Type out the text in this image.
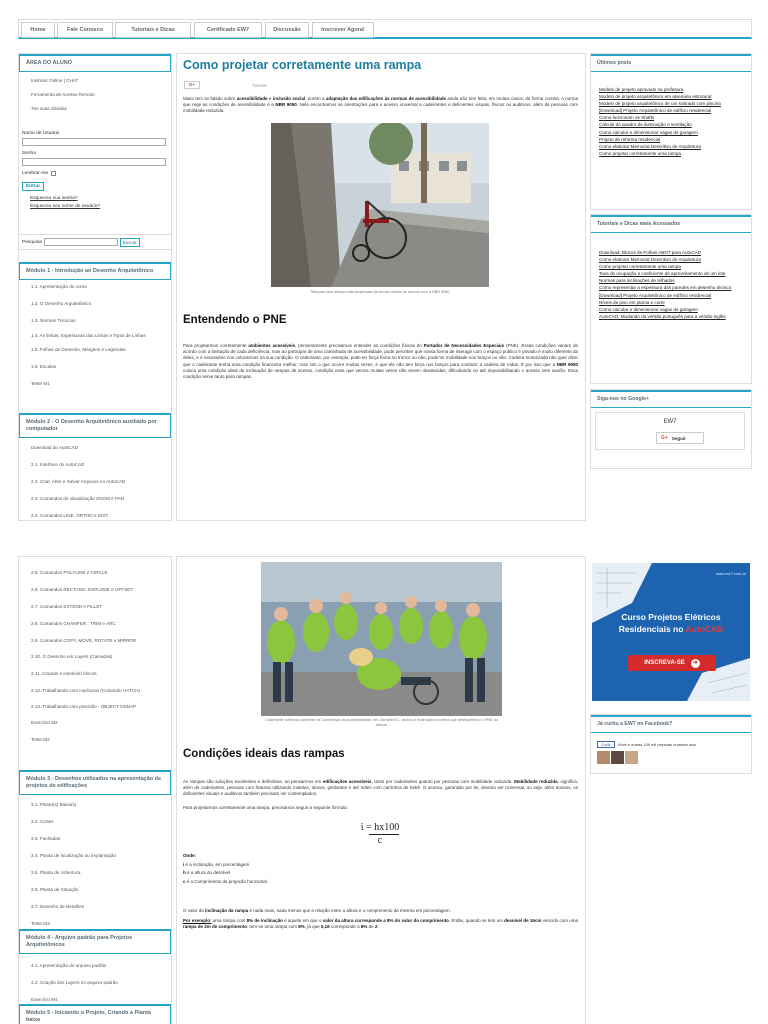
Home	Fale Conosco	Tutoriais e Dicas	Certificado EW7	Discussão	Inscrever Agora!
ÁREA DO ALUNO
Instrutor Online | CHAT
Ferramenta de Acesso Remoto
Tire suas dúvidas
Nome de Usuário
Senha
Lembrar-me
Entrar
Esqueceu sua senha?
Esqueceu seu nome de usuário?
Pesquisa	Buscar
Módulo 1 - Introdução ao Desenho Arquitetônico
1.1. Apresentação do curso
1.2. O Desenho Arquitetônico
1.3. Normas Técnicas
1.4. As linhas, Espessuras das Linhas e Tipos de Linhas
1.5. Folhas de Desenho, Margens e Legendas
1.6. Escalas
Teste M1
Módulo 2 - O Desenho Arquitetônico auxiliado por computador
Download do AutoCAD
2.1. Interface do AutoCAD
2.2. Criar, Abrir e Salvar Arquivos no AutoCAD
2.3. Comandos de visualização ZOOM e PAN
2.4. Comandos LINE, ORTHO e DIST
Como projetar corretamente uma rampa
G+	Tweetar
Muito tem se falado sobre acessibilidade e inclusão social, porém a adaptação das edificações às normas de acessibilidade ainda não tem feita, em muitos casos, de forma correta. A norma que rege as condições de acessibilidade é a NBR 9050. Nela encontramos as orientações para o acesso universal a cadeirantes e deficientes visuais, físicos ou auditivos, além de pessoas com mobilidade reduzida.
Rampas nem sempre são projetadas de forma correta de acordo com a NBR 9050
Entendendo o PNE
Para projetarmos corretamente ambientes acessíveis, primeiramente precisamos entender as condições físicas do Portador de Necessidades Especiais (PNE). Essas condições variam de acordo com a limitação de cada deficiência, mas ao participar de uma caminhada de acessibilidade, pude perceber que nossa forma de interagir com o espaço público é privado é muito diferente da deles, e é necessário nos colocarmos na sua condição. O cadeirante, por exemplo, pode ter força física no tronco ou não, pode ter mobilidade nos braços ou não. Cadeira motorizada não quer dizer que o cadeirante tenha uma condição financeira melhor, mas sim o que ocorre muitas vezes, é que ele não tem força nos braços para conduzir a cadeira de rodas. É por isso que a NBR 9050 coloca uma condição ideal de inclinação de rampas de acesso, condição essa que vemos muitas vezes não serem obedecidas, dificultando ou até impossibilitando o acesso sem auxílio. Essa condição serve tanto para rampas.
Últimos posts
Modelo de projeto aprovado na prefeitura
Modelo de projeto arquitetônico em alvenaria estrutural
Modelo de projeto arquitetônico de um sobrado com piscina
[Download] Projeto Arquitetônico de edifício residencial
Como funcionam os Shafts
Cálculo do quadro de iluminação e ventilação
Como calcular e dimensionar vagas de garagem
Projeto de reforma residencial
Como elaborar Memorial Descritivo de Arquitetura
Como projetar corretamente uma rampa
Tutoriais e Dicas mais Acessados
Download: Blocos de Folhas ABNT para AutoCAD
Como elaborar Memorial Descritivo de Arquitetura
Como projetar corretamente uma rampa
Taxa de ocupação e coeficiente de aproveitamento de um lote
Normas para inclinações de telhados
Como representar a espessura das paredes em desenho técnico
[Download] Projeto Arquitetônico de edifício residencial
Níveis de piso em planta e corte
Como calcular e dimensionar vagas de garagem
AutoCAD: Mudando da versão português para a versão inglês
Siga-nos no Google+
EW7
G+ Seguir
2.5. Comandos POLYLINE e CIRCLE
2.6. Comandos RECTANG, EXPLODE e OFFSET
2.7. Comandos EXTEND e FILLET
2.8. Comandos CHAMFER , TRIM e ARC
2.9. Comandos COPY, MOVE, ROTATE e MIRROR
2.10. O Desenho em Layers (Camadas)
2.11. Criando e inserindo blocos.
2.12. Trabalhando com Hachuras (Comando HATCH)
2.13. Trabalhando com precisão - OBJECT OSNAP
Exercício M2
Teste M2
Módulo 3 - Desenhos utilizados na apresentação de projetos de edificações
3.1. Planta(s) Baixa(s)
3.2. Cortes
3.3. Fachadas
3.4. Planta de localização ou Implantação
3.5. Planta de cobertura.
3.6. Planta de Situação
3.7. Desenho de Detalhes
Teste M3
Módulo 4 - Arquivo padrão para Projetos Arquitetônicos
4.1. Apresentação do arquivo padrão
4.2. Criação dos Layers no arquivo padrão
Exercício M4
Módulo 5 - Iniciando o Projeto, Criando a Planta baixa
Cadeirante sofrendo acidente na Caminhada da Acessibilidade, em Joinville/SC, devido à inclinação incorreta que desequilibrou o PNE ao descer
Condições ideais das rampas
As rampas são soluções excelentes e definitivas, ao pensarmos em edificações acessíveis, tanto por cadeirantes quanto por pessoas com mobilidade reduzida. Mobilidade reduzida, significa, além de cadeirantes, pessoas com fraturas utilizando muletas, idosos, gestantes e até mães com carrinhos de bebê. O acesso, garantido por lei, deveria ser Universal, ou seja, além doosos, os deficientes visuais e auditivos também precisam ser contemplados.
Para projetarmos corretamente uma rampa, precisamos seguir a seguinte fórmula:
i = hx100
c
Onde:
i é a inclinação, em porcentagem
h é a altura do desnível
c é o Comprimento da projeção horizontal.
O valor da inclinação da rampa é nada mais, nada menos que a relação entre a altura e o comprimento da mesma em porcentagem.
Por exemplo: uma rampa com 8% de inclinação é aquela em que o valor da altura corresponde a 8% do valor do comprimento. Então, quando se tem um desnível de 16cm vencido com uma rampa de 2m de comprimento, tem-se uma rampa com 8%, já que 0,16 corresponde a 8% de 2.
www.ew7.com.br
Curso Projetos Elétricos
Residenciais no AutoCAD
INSCREVA-SE	➜
Já curtiu a EW7 no Facebook?
Curtir	Você e outras 109 mil pessoas curtiram isso.
